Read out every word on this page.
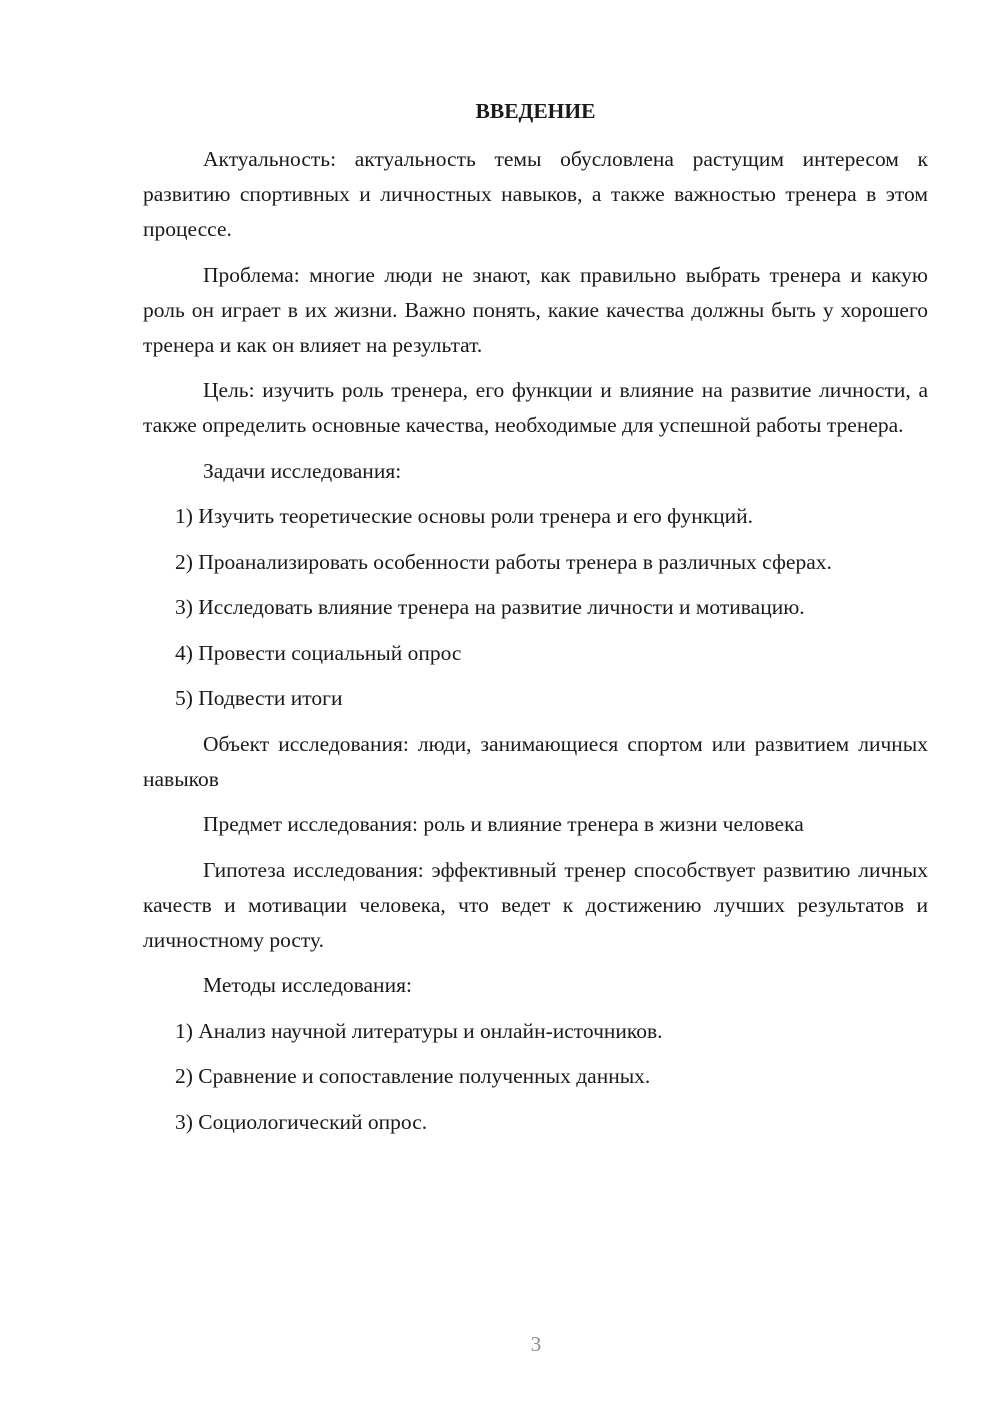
ВВЕДЕНИЕ

Актуальность: актуальность темы обусловлена растущим интересом к развитию спортивных и личностных навыков, а также важностью тренера в этом процессе.

Проблема: многие люди не знают, как правильно выбрать тренера и какую роль он играет в их жизни. Важно понять, какие качества должны быть у хорошего тренера и как он влияет на результат.

Цель: изучить роль тренера, его функции и влияние на развитие личности, а также определить основные качества, необходимые для успешной работы тренера.

Задачи исследования:

1) Изучить теоретические основы роли тренера и его функций.

2) Проанализировать особенности работы тренера в различных сферах.

3) Исследовать влияние тренера на развитие личности и мотивацию.

4) Провести социальный опрос

5) Подвести итоги

Объект исследования: люди, занимающиеся спортом или развитием личных навыков

Предмет исследования: роль и влияние тренера в жизни человека

Гипотеза исследования: эффективный тренер способствует развитию личных качеств и мотивации человека, что ведет к достижению лучших результатов и личностному росту.

Методы исследования:

1) Анализ научной литературы и онлайн-источников.

2) Сравнение и сопоставление полученных данных.

3) Социологический опрос.

3
